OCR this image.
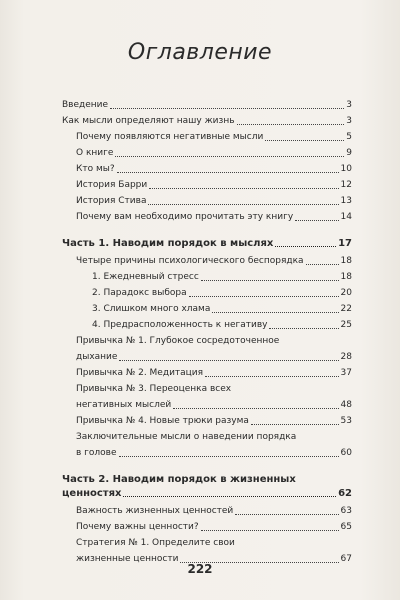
Оглавление
Введение	3
Как мысли определяют нашу жизнь	3
Почему появляются негативные мысли	5
О книге	9
Кто мы?	10
История Барри	12
История Стива	13
Почему вам необходимо прочитать эту книгу	14
Часть 1. Наводим порядок в мыслях	17
Четыре причины психологического беспорядка	18
1. Ежедневный стресс	18
2. Парадокс выбора	20
3. Слишком много хлама	22
4. Предрасположенность к негативу	25
Привычка № 1. Глубокое сосредоточенное
дыхание	28
Привычка № 2. Медитация	37
Привычка № 3. Переоценка всех
негативных мыслей	48
Привычка № 4. Новые трюки разума	53
Заключительные мысли о наведении порядка
в голове	60
Часть 2. Наводим порядок в жизненных
ценностях	62
Важность жизненных ценностей	63
Почему важны ценности?	65
Стратегия № 1. Определите свои
жизненные ценности	67
222
